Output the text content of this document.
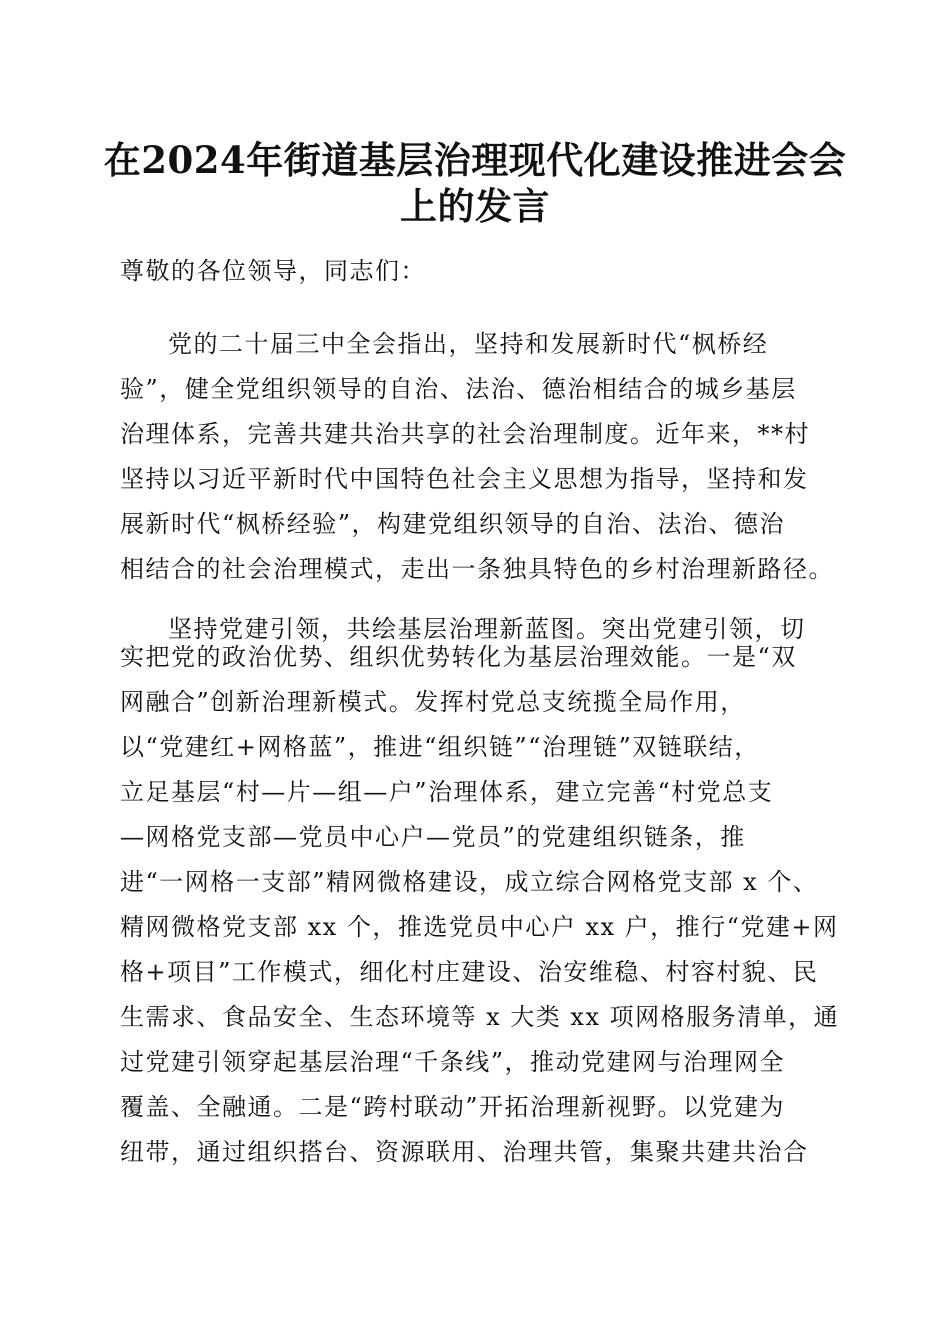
在2024年街道基层治理现代化建设推进会会
上的发言
尊敬的各位领导，同志们：
党的二十届三中全会指出，坚持和发展新时代“枫桥经
验”，健全党组织领导的自治、法治、德治相结合的城乡基层
治理体系，完善共建共治共享的社会治理制度。近年来，**村
坚持以习近平新时代中国特色社会主义思想为指导，坚持和发
展新时代“枫桥经验”，构建党组织领导的自治、法治、德治
相结合的社会治理模式，走出一条独具特色的乡村治理新路径。
坚持党建引领，共绘基层治理新蓝图。突出党建引领，切
实把党的政治优势、组织优势转化为基层治理效能。一是“双
网融合”创新治理新模式。发挥村党总支统揽全局作用，
以“党建红+网格蓝”，推进“组织链”“治理链”双链联结，
立足基层“村—片—组—户”治理体系，建立完善“村党总支
—网格党支部—党员中心户—党员”的党建组织链条，推
进“一网格一支部”精网微格建设，成立综合网格党支部 x 个、
精网微格党支部 xx 个，推选党员中心户 xx 户，推行“党建+网
格+项目”工作模式，细化村庄建设、治安维稳、村容村貌、民
生需求、食品安全、生态环境等 x 大类 xx 项网格服务清单，通
过党建引领穿起基层治理“千条线”，推动党建网与治理网全
覆盖、全融通。二是“跨村联动”开拓治理新视野。以党建为
纽带，通过组织搭台、资源联用、治理共管，集聚共建共治合
